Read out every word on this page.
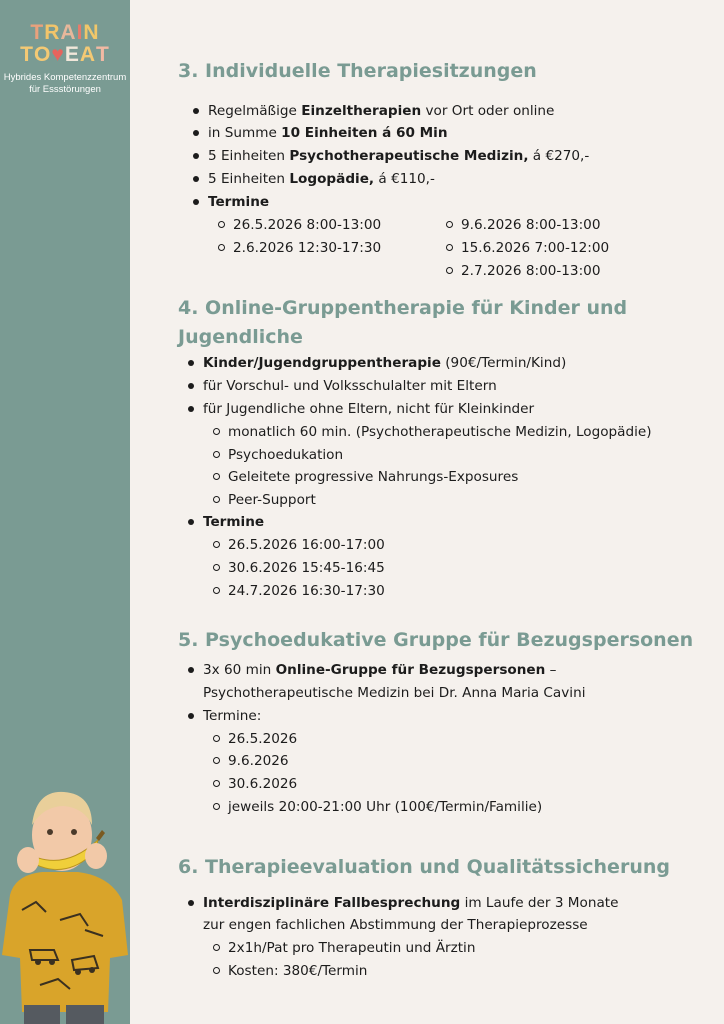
TRAIN
TO♥EAT
Hybrides Kompetenzzentrum
für Essstörungen
3. Individuelle Therapiesitzungen
Regelmäßige Einzeltherapien vor Ort oder online
in Summe 10 Einheiten á 60 Min
5 Einheiten Psychotherapeutische Medizin, á €270,-
5 Einheiten Logopädie, á €110,-
Termine
26.5.2026 8:00-13:00
2.6.2026 12:30-17:30
9.6.2026 8:00-13:00
15.6.2026 7:00-12:00
2.7.2026 8:00-13:00
4. Online-Gruppentherapie für Kinder und
Jugendliche
Kinder/Jugendgruppentherapie (90€/Termin/Kind)
für Vorschul- und Volksschulalter mit Eltern
für Jugendliche ohne Eltern, nicht für Kleinkinder
monatlich 60 min. (Psychotherapeutische Medizin, Logopädie)
Psychoedukation
Geleitete progressive Nahrungs-Exposures
Peer-Support
Termine
26.5.2026 16:00-17:00
30.6.2026 15:45-16:45
24.7.2026 16:30-17:30
5. Psychoedukative Gruppe für Bezugspersonen
3x 60 min Online-Gruppe für Bezugspersonen –
Psychotherapeutische Medizin bei Dr. Anna Maria Cavini
Termine:
26.5.2026
9.6.2026
30.6.2026
jeweils 20:00-21:00 Uhr (100€/Termin/Familie)
6. Therapieevaluation und Qualitätssicherung
Interdisziplinäre Fallbesprechung im Laufe der 3 Monate
zur engen fachlichen Abstimmung der Therapieprozesse
2x1h/Pat pro Therapeutin und Ärztin
Kosten: 380€/Termin
